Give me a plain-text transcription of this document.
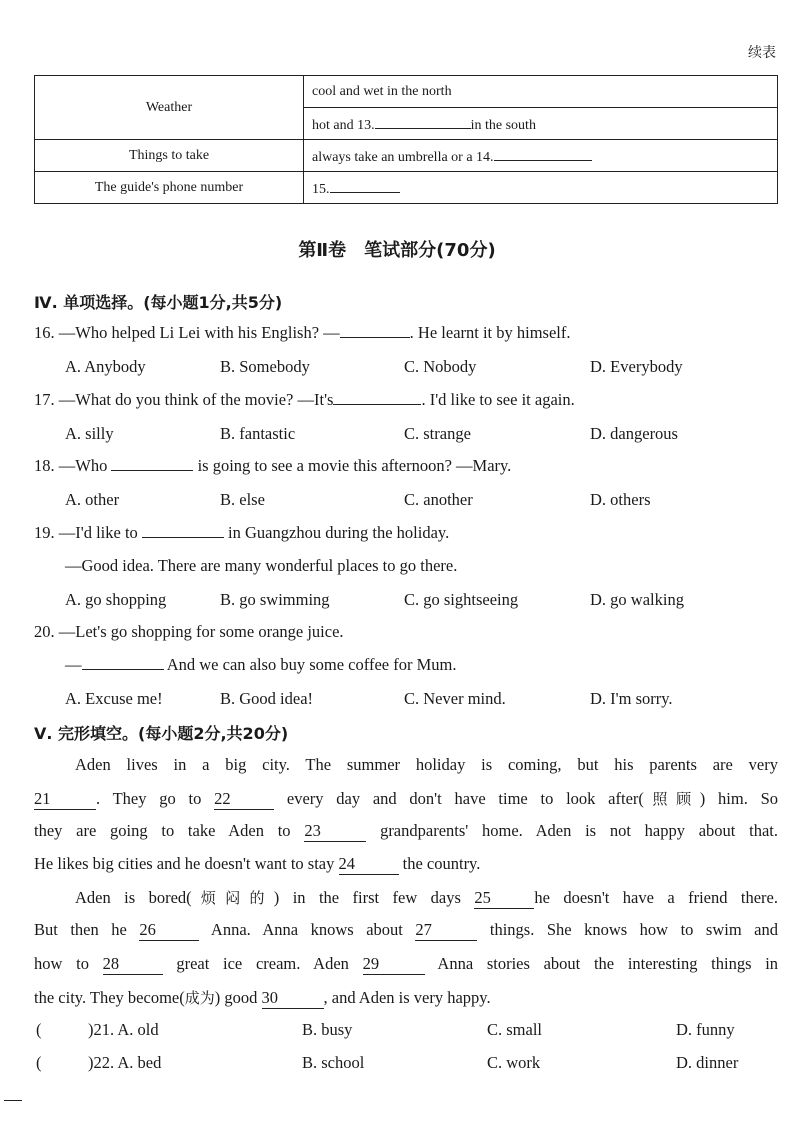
续表
Weather	cool and wet in the north
	hot and 13. in the south
Things to take	always take an umbrella or a 14.
The guide's phone number	15.
第Ⅱ卷　笔试部分(70分)
Ⅳ. 单项选择。(每小题1分,共5分)
16. —Who helped Li Lei with his English? —	. He learnt it by himself.
A. Anybody	B. Somebody	C. Nobody	D. Everybody
17. —What do you think of the movie? —It's	. I'd like to see it again.
A. silly	B. fantastic	C. strange	D. dangerous
18. —Who	is going to see a movie this afternoon? —Mary.
A. other	B. else	C. another	D. others
19. —I'd like to	in Guangzhou during the holiday.
—Good idea. There are many wonderful places to go there.
A. go shopping	B. go swimming	C. go sightseeing	D. go walking
20. —Let's go shopping for some orange juice.
—	And we can also buy some coffee for Mum.
A. Excuse me!	B. Good idea!	C. Never mind.	D. I'm sorry.
Ⅴ. 完形填空。(每小题2分,共20分)
Aden lives in a big city. The summer holiday is coming, but his parents are very
21	. They go to 22	every day and don't have time to look after(照顾) him. So
they are going to take Aden to 23	grandparents' home. Aden is not happy about that.
He likes big cities and he doesn't want to stay 24	the country.
Aden is bored(烦闷的) in the first few days 25	he doesn't have a friend there.
But then he 26	Anna. Anna knows about 27	things. She knows how to swim and
how to 28	great ice cream. Aden 29	Anna stories about the interesting things in
the city. They become(成为) good 30	, and Aden is very happy.
(	)21. A. old	B. busy	C. small	D. funny
(	)22. A. bed	B. school	C. work	D. dinner
